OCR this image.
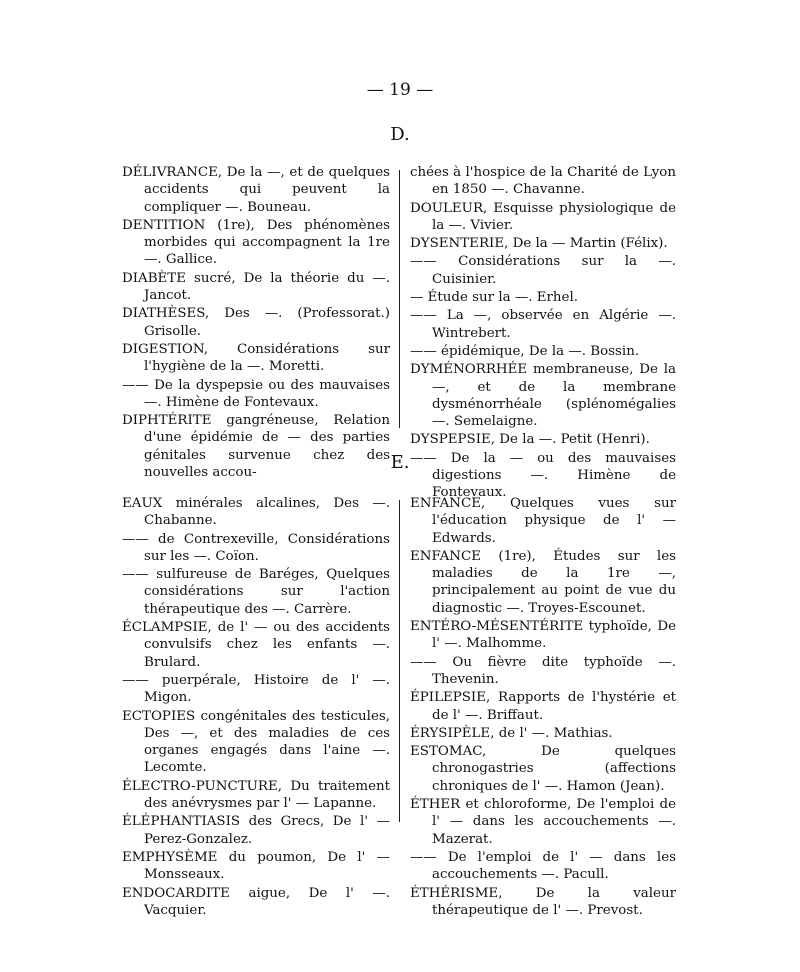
— 19 —
D.

DÉLIVRANCE, De la —, et de quelques accidents qui peuvent la compliquer —. Bouneau.

DENTITION (1re), Des phénomènes morbides qui accompagnent la 1re —. Gallice.

DIABÈTE sucré, De la théorie du —. Jancot.

DIATHÈSES, Des —. (Professorat.) Grisolle.

DIGESTION, Considérations sur l'hygiène de la —. Moretti.

—— De la dyspepsie ou des mauvaises —. Himène de Fontevaux.

DIPHTÉRITE gangréneuse, Relation d'une épidémie de — des parties génitales survenue chez des nouvelles accou-

chées à l'hospice de la Charité de Lyon en 1850 —. Chavanne.

DOULEUR, Esquisse physiologique de la —. Vivier.

DYSENTERIE, De la — Martin (Félix).

—— Considérations sur la —. Cuisinier.

— Étude sur la —. Erhel.

—— La —, observée en Algérie —. Wintrebert.

—— épidémique, De la —. Bossin.

DYMÉNORRHÉE membraneuse, De la —, et de la membrane dysménorrhéale (splénomégalies —. Semelaigne.

DYSPEPSIE, De la —. Petit (Henri).

—— De la — ou des mauvaises digestions —. Himène de Fontevaux.

E.

EAUX minérales alcalines, Des —. Chabanne.

—— de Contrexeville, Considérations sur les —. Coïon.

—— sulfureuse de Baréges, Quelques considérations sur l'action thérapeutique des —. Carrère.

ÉCLAMPSIE, de l' — ou des accidents convulsifs chez les enfants —. Brulard.

—— puerpérale, Histoire de l' —. Migon.

ECTOPIES congénitales des testicules, Des —, et des maladies de ces organes engagés dans l'aine —. Lecomte.

ÉLECTRO-PUNCTURE, Du traitement des anévrysmes par l' — Lapanne.

ÉLÉPHANTIASIS des Grecs, De l' — Perez-Gonzalez.

EMPHYSÈME du poumon, De l' — Monsseaux.

ENDOCARDITE aigue, De l' —. Vacquier.

ENFANCE, Quelques vues sur l'éducation physique de l' — Edwards.

ENFANCE (1re), Études sur les maladies de la 1re —, principalement au point de vue du diagnostic —. Troyes-Escounet.

ENTÉRO-MÉSENTÉRITE typhoïde, De l' —. Malhomme.

—— Ou fièvre dite typhoïde —. Thevenin.

ÉPILEPSIE, Rapports de l'hystérie et de l' —. Briffaut.

ÉRYSIPÈLE, de l' —. Mathias.

ESTOMAC, De quelques chronogastries (affections chroniques de l' —. Hamon (Jean).

ÉTHER et chloroforme, De l'emploi de l' — dans les accouchements —. Mazerat.

—— De l'emploi de l' — dans les accouchements —. Pacull.

ÉTHÉRISME, De la valeur thérapeutique de l' —. Prevost.
